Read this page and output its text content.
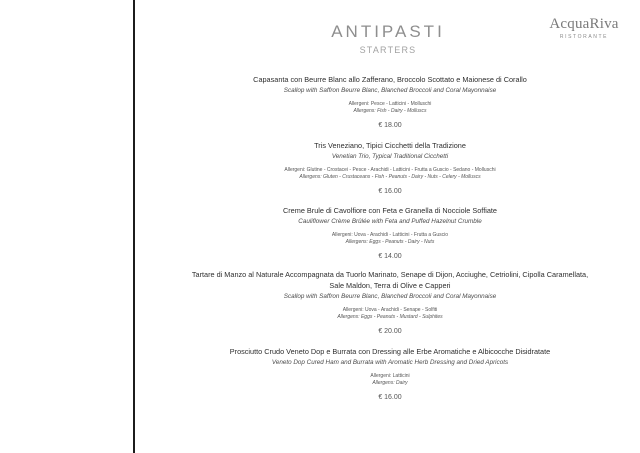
AcquaRiva
RISTORANTE
ANTIPASTI
STARTERS
Capasanta con Beurre Blanc allo Zafferano, Broccolo Scottato e Maionese di Corallo
Scallop with Saffron Beurre Blanc, Blanched Broccoli and Coral Mayonnaise
Allergeni: Pesce - Latticini - Molluschi
Allergens: Fish - Dairy - Molluscs
€ 18.00
Tris Veneziano, Tipici Cicchetti della Tradizione
Venetian Trio, Typical Traditional Cicchetti
Allergeni: Glutine - Crostacei - Pesce - Arachidi - Latticini - Frutta a Guscio - Sedano - Molluschi
Allergens: Gluten - Crustaceans - Fish - Peanuts - Dairy - Nuts - Celery - Molluscs
€ 16.00
Creme Brule di Cavolfiore con Feta e Granella di Nocciole Soffiate
Cauliflower Crème Brûlée with Feta and Puffed Hazelnut Crumble
Allergeni: Uova - Arachidi - Latticini - Frutta a Guscio
Allergens: Eggs - Peanuts - Dairy - Nuts
€ 14.00
Tartare di Manzo al Naturale Accompagnata da Tuorlo Marinato, Senape di Dijon, Acciughe, Cetriolini, Cipolla Caramellata, Sale Maldon, Terra di Olive e Capperi
Scallop with Saffron Beurre Blanc, Blanched Broccoli and Coral Mayonnaise
Allergeni: Uova - Arachidi - Senape - Solfiti
Allergens: Eggs - Peanuts - Mustard - Sulphites
€ 20.00
Prosciutto Crudo Veneto Dop e Burrata con Dressing alle Erbe Aromatiche e Albicocche Disidratate
Veneto Dop Cured Ham and Burrata with Aromatic Herb Dressing and Dried Apricots
Allergeni: Latticini
Allergens: Dairy
€ 16.00
